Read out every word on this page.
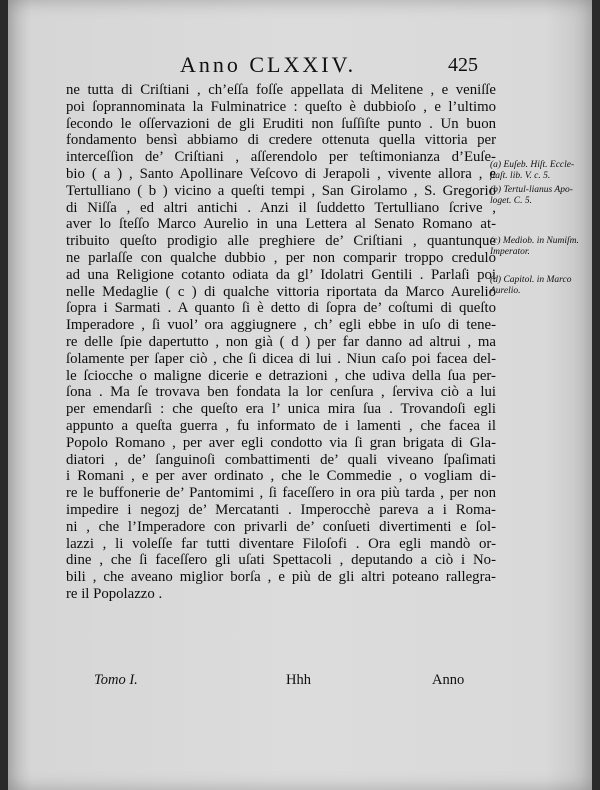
Anno CLXXIV.	425
ne tutta di Criſtiani , ch’eſſa foſſe appellata di Melitene , e veniſſe
poi ſoprannominata la Fulminatrice : queſto è dubbioſo , e l’ultimo
ſecondo le oſſervazioni de gli Eruditi non ſuſſiſte punto . Un buon
fondamento bensì abbiamo di credere ottenuta quella vittoria per
interceſſion de’ Criſtiani , aſſerendolo per teſtimonianza d’Euſe-
bio ( a ) , Santo Apollinare Veſcovo di Jerapoli , vivente allora , e
Tertulliano ( b ) vicino a queſti tempi , San Girolamo , S. Gregorio
di Niſſa , ed altri antichi . Anzi il ſuddetto Tertulliano ſcrive ,
aver lo ſteſſo Marco Aurelio in una Lettera al Senato Romano at-
tribuito queſto prodigio alle preghiere de’ Criſtiani , quantunque
ne parlaſſe con qualche dubbio , per non comparir troppo credulo
ad una Religione cotanto odiata da gl’ Idolatri Gentili . Parlaſi poi
nelle Medaglie ( c ) di qualche vittoria riportata da Marco Aurelio
ſopra i Sarmati . A quanto ſi è detto di ſopra de’ coſtumi di queſto
Imperadore , ſi vuol’ ora aggiugnere , ch’ egli ebbe in uſo di tene-
re delle ſpie dapertutto , non già ( d ) per far danno ad altrui , ma
ſolamente per ſaper ciò , che ſi dicea di lui . Niun caſo poi facea del-
le ſciocche o maligne dicerie e detrazioni , che udiva della ſua per-
ſona . Ma ſe trovava ben fondata la lor cenſura , ſerviva ciò a lui
per emendarſi : che queſto era l’ unica mira ſua . Trovandoſi egli
appunto a queſta guerra , fu informato de i lamenti , che facea il
Popolo Romano , per aver egli condotto via ſi gran brigata di Gla-
diatori , de’ ſanguinoſi combattimenti de’ quali viveano ſpaſimati
i Romani , e per aver ordinato , che le Commedie , o vogliam di-
re le buffonerie de’ Pantomimi , ſi faceſſero in ora più tarda , per non
impedire i negozj de’ Mercatanti . Imperocchè pareva a i Roma-
ni , che l’Imperadore con privarli de’ conſueti divertimenti e ſol-
lazzi , li voleſſe far tutti diventare Filoſofi . Ora egli mandò or-
dine , che ſi faceſſero gli uſati Spettacoli , deputando a ciò i No-
bili , che aveano miglior borſa , e più de gli altri poteano rallegra-
re il Popolazzo .

(a) Euſeb. Hiſt. Eccle-ſiaſt. lib. V. c. 5.

(b) Tertul-lianus Apo-loget. C. 5.

(c) Mediob. in Numiſm. Imperator.

(d) Capitol. in Marco Aurelio.

Tomo I.	Hhh	Anno
